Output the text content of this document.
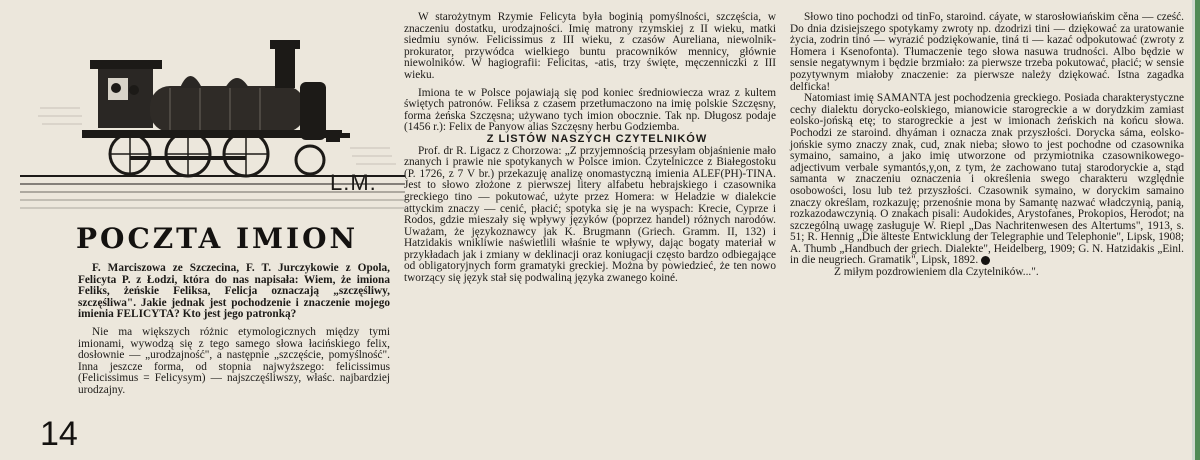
L.M.
POCZTA IMION

F. Marciszowa ze Szczecina, F. T. Jurczykowie z Opola, Felicyta P. z Łodzi, która do nas napisała: Wiem, że imiona Feliks, żeńskie Feliksa, Felicja oznaczają „szczęśliwy, szczęśliwa". Jakie jednak jest pochodzenie i znaczenie mojego imienia FELICYTA? Kto jest jego patronką?

Nie ma większych różnic etymologicznych między tymi imionami, wywodzą się z tego samego słowa łacińskiego felix, dosłownie — „urodzajność", a następnie „szczęście, pomyślność". Inna jeszcze forma, od stopnia najwyższego: felicissimus (Felicissimus = Felicysym) — najszczęśliwszy, właśc. najbardziej urodzajny.

W starożytnym Rzymie Felicyta była boginią pomyślności, szczęścia, w znaczeniu dostatku, urodzajności. Imię matrony rzymskiej z II wieku, matki siedmiu synów. Felicissimus z III wieku, z czasów Aureliana, niewolnik-prokurator, przywódca wielkiego buntu pracowników mennicy, głównie niewolników. W hagiografii: Felicitas, -atis, trzy święte, męczenniczki z III wieku.

Imiona te w Polsce pojawiają się pod koniec średniowiecza wraz z kultem świętych patronów. Feliksa z czasem przetłumaczono na imię polskie Szczęsny, forma żeńska Szczęsna; używano tych imion obocznie. Tak np. Długosz podaje (1456 r.): Felix de Panyow alias Szczęsny herbu Godziemba.

Z LISTÓW NASZYCH CZYTELNIKÓW

Prof. dr R. Ligacz z Chorzowa: „Z przyjemnością przesyłam objaśnienie mało znanych i prawie nie spotykanych w Polsce imion. Czytelniczce z Białegostoku (P. 1726, z 7 V br.) przekazuję analizę onomastyczną imienia ALEF(PH)-TINA. Jest to słowo złożone z pierwszej litery alfabetu hebrajskiego i czasownika greckiego tino — pokutować, użyte przez Homera: w Heladzie w dialekcie attyckim znaczy — cenić, płacić; spotyka się je na wyspach: Krecie, Cyprze i Rodos, gdzie mieszały się wpływy języków (poprzez handel) różnych narodów. Uważam, że językoznawcy jak K. Brugmann (Griech. Gramm. II, 132) i Hatzidakis wnikliwie naświetlili właśnie te wpływy, dając bogaty materiał w przykładach jak i zmiany w deklinacji oraz koniugacji często bardzo odbiegające od obligatoryjnych form gramatyki greckiej. Można by powiedzieć, że ten nowo tworzący się język stał się podwaliną języka zwanego koiné.

Słowo tino pochodzi od tinFo, staroind. cáyate, w starosłowiańskim cĕna — cześć. Do dnia dzisiejszego spotykamy zwroty np. dzodrizi tini — dziękować za uratowanie życia, zodrin tinó — wyrazić podziękowanie, tiná ti — kazać odpokutować (zwroty z Homera i Ksenofonta). Tłumaczenie tego słowa nasuwa trudności. Albo będzie w sensie negatywnym i będzie brzmiało: za pierwsze trzeba pokutować, płacić; w sensie pozytywnym miałoby znaczenie: za pierwsze należy dziękować. Istna zagadka delficka!

Natomiast imię SAMANTA jest pochodzenia greckiego. Posiada charakterystyczne cechy dialektu dorycko-eolskiego, mianowicie starogreckie a w dorydzkim zamiast eolsko-jońską etę; to starogreckie a jest w imionach żeńskich na końcu słowa. Pochodzi ze staroind. dhyáman i oznacza znak przyszłości. Dorycka sáma, eolsko-jońskie symo znaczy znak, cud, znak nieba; słowo to jest pochodne od czasownika symaino, samaino, a jako imię utworzone od przymiotnika czasownikowego-adjectivum verbale symantós,y,on, z tym, że zachowano tutaj starodoryckie a, stąd samanta w znaczeniu oznaczenia i określenia swego charakteru względnie osobowości, losu lub też przyszłości. Czasownik symaino, w doryckim samaino znaczy określam, rozkazuję; przenośnie mona by Samantę nazwać władczynią, panią, rozkazodawczynią. O znakach pisali: Audokides, Arystofanes, Prokopios, Herodot; na szczególną uwagę zasługuje W. Riepl „Das Nachritenwesen des Altertums", 1913, s. 51; R. Hennig „Die älteste Entwicklung der Telegraphie und Telephonie", Lipsk, 1908; A. Thumb „Handbuch der griech. Dialekte", Heidelberg, 1909; G. N. Hatzidakis „Einl. in die neugriech. Gramatik", Lipsk, 1892.

Z miłym pozdrowieniem dla Czytelników...".

14
